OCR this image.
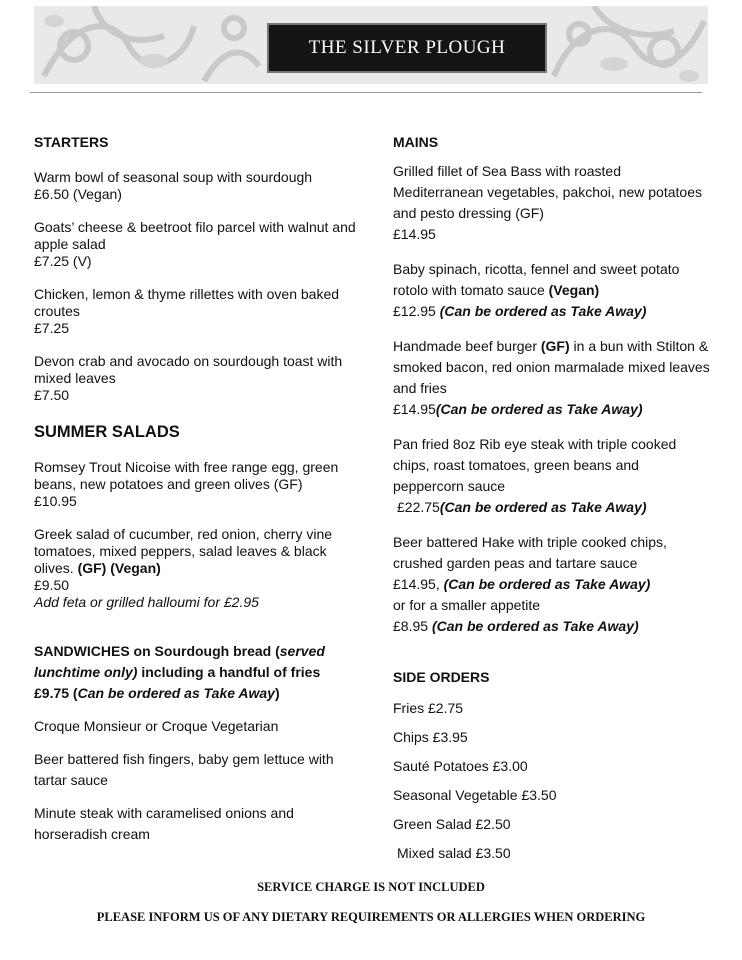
THE SILVER PLOUGH
STARTERS
Warm bowl of seasonal soup with sourdough
£6.50 (Vegan)
Goats’ cheese & beetroot filo parcel with walnut and apple salad
£7.25 (V)
Chicken, lemon & thyme rillettes with oven baked croutes
£7.25
Devon crab and avocado on sourdough toast with mixed leaves
£7.50
SUMMER SALADS
Romsey Trout Nicoise with free range egg, green beans, new potatoes and green olives (GF)
£10.95
Greek salad of cucumber, red onion, cherry vine tomatoes, mixed peppers, salad leaves & black olives. (GF) (Vegan)
£9.50
Add feta or grilled halloumi for £2.95
SANDWICHES on Sourdough bread (served lunchtime only) including a handful of fries
£9.75 (Can be ordered as Take Away)
Croque Monsieur or Croque Vegetarian
Beer battered fish fingers, baby gem lettuce with tartar sauce
Minute steak with caramelised onions and horseradish cream
MAINS
Grilled fillet of Sea Bass with roasted Mediterranean vegetables, pakchoi, new potatoes and pesto dressing (GF)
£14.95
Baby spinach, ricotta, fennel and sweet potato rotolo with tomato sauce (Vegan)
£12.95 (Can be ordered as Take Away)
Handmade beef burger (GF) in a bun with Stilton & smoked bacon, red onion marmalade mixed leaves and fries
£14.95(Can be ordered as Take Away)
Pan fried 8oz Rib eye steak with triple cooked chips, roast tomatoes, green beans and peppercorn sauce
£22.75(Can be ordered as Take Away)
Beer battered Hake with triple cooked chips, crushed garden peas and tartare sauce
£14.95, (Can be ordered as Take Away)
or for a smaller appetite
£8.95 (Can be ordered as Take Away)
SIDE ORDERS
Fries £2.75
Chips £3.95
Sauté Potatoes £3.00
Seasonal Vegetable £3.50
Green Salad £2.50
Mixed salad £3.50
SERVICE CHARGE IS NOT INCLUDED
PLEASE INFORM US OF ANY DIETARY REQUIREMENTS OR ALLERGIES WHEN ORDERING
